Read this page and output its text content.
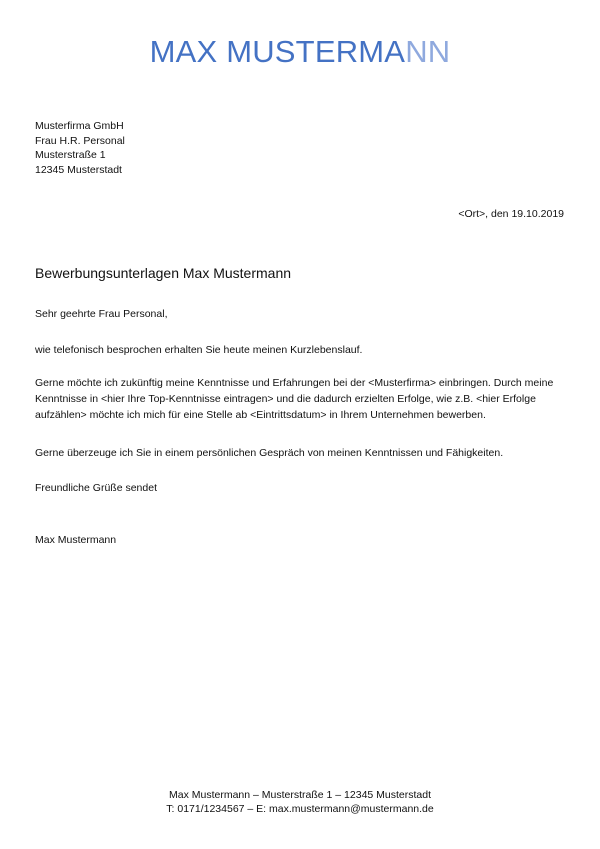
MAX MUSTERMANN
Musterfirma GmbH
Frau H.R. Personal
Musterstraße 1
12345 Musterstadt
<Ort>, den 19.10.2019
Bewerbungsunterlagen Max Mustermann
Sehr geehrte Frau Personal,
wie telefonisch besprochen erhalten Sie heute meinen Kurzlebenslauf.
Gerne möchte ich zukünftig meine Kenntnisse und Erfahrungen bei der <Musterfirma> einbringen. Durch meine
Kenntnisse in <hier Ihre Top-Kenntnisse eintragen> und die dadurch erzielten Erfolge, wie z.B. <hier Erfolge
aufzählen> möchte ich mich für eine Stelle ab <Eintrittsdatum> in Ihrem Unternehmen bewerben.
Gerne überzeuge ich Sie in einem persönlichen Gespräch von meinen Kenntnissen und Fähigkeiten.
Freundliche Grüße sendet
Max Mustermann
Max Mustermann – Musterstraße 1 – 12345 Musterstadt
T: 0171/1234567 – E: max.mustermann@mustermann.de
